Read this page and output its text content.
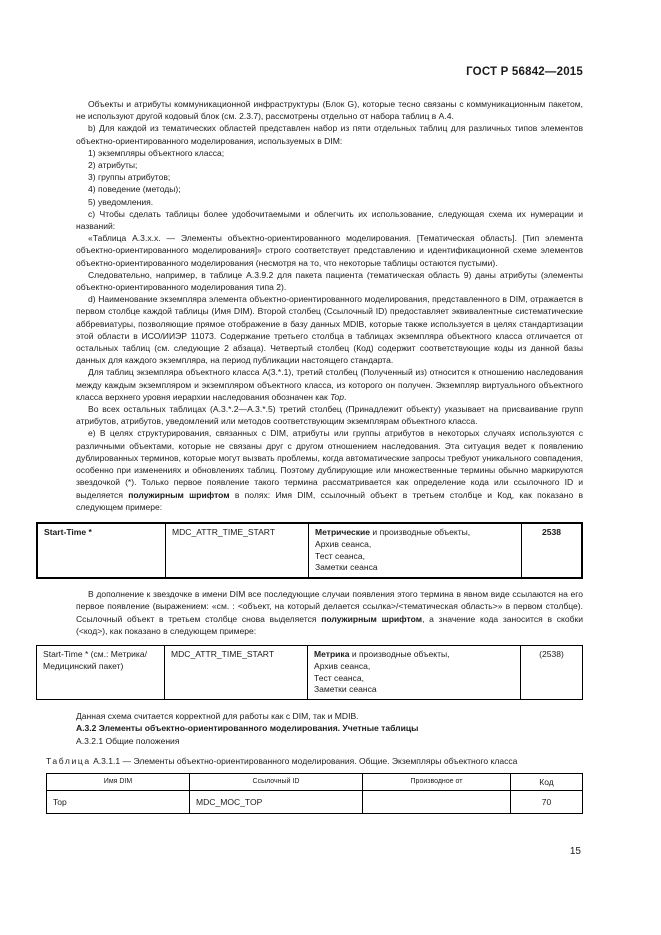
ГОСТ Р 56842—2015

Объекты и атрибуты коммуникационной инфраструктуры (Блок G), которые тесно связаны с коммуникационным пакетом, не используют другой кодовый блок (см. 2.3.7), рассмотрены отдельно от набора таблиц в А.4.

b) Для каждой из тематических областей представлен набор из пяти отдельных таблиц для различных типов элементов объектно-ориентированного моделирования, используемых в DIM:

1) экземпляры объектного класса;

2) атрибуты;

3) группы атрибутов;

4) поведение (методы);

5) уведомления.

c) Чтобы сделать таблицы более удобочитаемыми и облегчить их использование, следующая схема их нумерации и названий:

«Таблица А.3.х.х. — Элементы объектно-ориентированного моделирования. [Тематическая область]. [Тип элемента объектно-ориентированного моделирования]» строго соответствует представлению и идентификационной схеме элементов объектно-ориентированного моделирования (несмотря на то, что некоторые таблицы остаются пустыми).

Следовательно, например, в таблице А.3.9.2 для пакета пациента (тематическая область 9) даны атрибуты (элементы объектно-ориентированного моделирования типа 2).

d) Наименование экземпляра элемента объектно-ориентированного моделирования, представленного в DIM, отражается в первом столбце каждой таблицы (Имя DIM). Второй столбец (Ссылочный ID) предоставляет эквивалентные систематические аббревиатуры, позволяющие прямое отображение в базу данных MDIB, которые также используется в целях стандартизации этой области в ИСО/ИИЭР 11073. Содержание третьего столбца в таблицах экземпляра объектного класса отличается от остальных таблиц (см. следующие 2 абзаца). Четвертый столбец (Код) содержит соответствующие коды из данной базы данных для каждого экземпляра, на период публикации настоящего стандарта.

Для таблиц экземпляра объектного класса А(3.*.1), третий столбец (Полученный из) относится к отношению наследования между каждым экземпляром и экземпляром объектного класса, из которого он получен. Экземпляр виртуального объектного класса верхнего уровня иерархии наследования обозначен как Top.

Во всех остальных таблицах (А.3.*.2—А.3.*.5) третий столбец (Принадлежит объекту) указывает на присваивание групп атрибутов, атрибутов, уведомлений или методов соответствующим экземплярам объектного класса.

e) В целях структурирования, связанных с DIM, атрибуты или группы атрибутов в некоторых случаях используются с различными объектами, которые не связаны друг с другом отношением наследования. Эта ситуация ведет к появлению дублированных терминов, которые могут вызвать проблемы, когда автоматические запросы требуют уникального совпадения, особенно при изменениях и обновлениях таблиц. Поэтому дублирующие или множественные термины обычно маркируются звездочкой (*). Только первое появление такого термина рассматривается как определение кода или ссылочного ID и выделяется полужирным шрифтом в полях: Имя DIM, ссылочный объект в третьем столбце и Код, как показано в следующем примере:

Start-Time *	MDC_ATTR_TIME_START	Метрические и производные объекты,
Архив сеанса,
Тест сеанса,
Заметки сеанса	2538

В дополнение к звездочке в имени DIM все последующие случаи появления этого термина в явном виде ссылаются на его первое появление (выражением: «см. : <объект, на который делается ссылка>/<тематическая область>» в первом столбце). Ссылочный объект в третьем столбце снова выделяется полужирным шрифтом, а значение кода заносится в скобки (<код>), как показано в следующем примере:

Start-Time * (см.: Метрика/ Медицинский пакет)	MDC_ATTR_TIME_START	Метрика и производные объекты,
Архив сеанса,
Тест сеанса,
Заметки сеанса	(2538)

Данная схема считается корректной для работы как с DIM, так и MDIB.

А.3.2 Элементы объектно-ориентированного моделирования. Учетные таблицы

А.3.2.1 Общие положения

Таблица А.3.1.1 — Элементы объектно-ориентированного моделирования. Общие. Экземпляры объектного класса
Имя DIM	Ссылочный ID	Производное от	Код
Top	MDC_MOC_TOP		70
15
